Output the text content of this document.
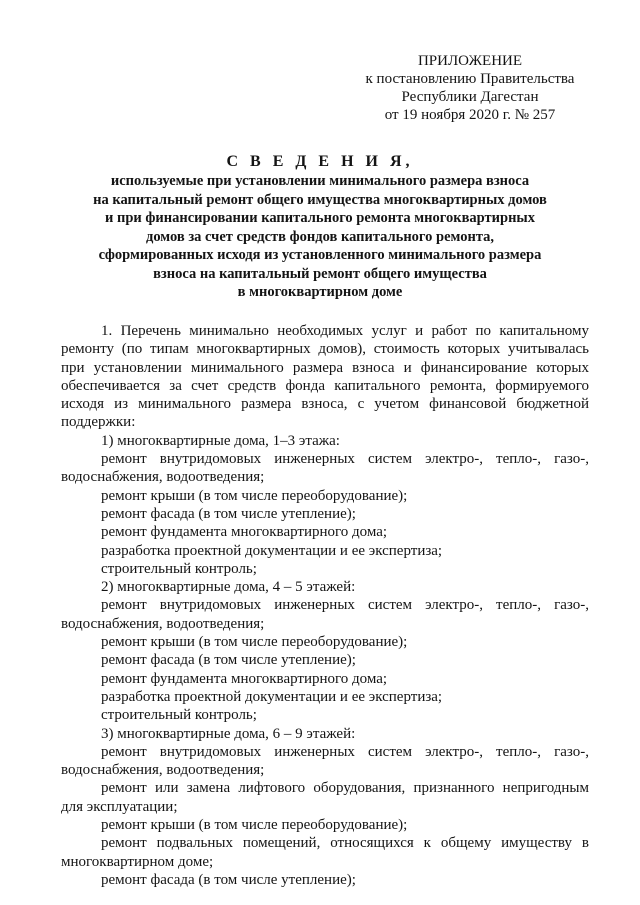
ПРИЛОЖЕНИЕ
к постановлению Правительства
Республики Дагестан
от 19 ноября 2020 г. № 257
С В Е Д Е Н И Я,
используемые при установлении минимального размера взноса
на капитальный ремонт общего имущества многоквартирных домов
и при финансировании капитального ремонта многоквартирных
домов за счет средств фондов капитального ремонта,
сформированных исходя из установленного минимального размера
взноса на капитальный ремонт общего имущества
в многоквартирном доме
1. Перечень минимально необходимых услуг и работ по капитальному
ремонту (по типам многоквартирных домов), стоимость которых учитывалась
при установлении минимального размера взноса и финансирование которых
обеспечивается за счет средств фонда капитального ремонта, формируемого
исходя из минимального размера взноса, с учетом финансовой бюджетной
поддержки:
1) многоквартирные дома, 1–3 этажа:
ремонт внутридомовых инженерных систем электро-, тепло-, газо-,
водоснабжения, водоотведения;
ремонт крыши (в том числе переоборудование);
ремонт фасада (в том числе утепление);
ремонт фундамента многоквартирного дома;
разработка проектной документации и ее экспертиза;
строительный контроль;
2) многоквартирные дома, 4 – 5 этажей:
ремонт внутридомовых инженерных систем электро-, тепло-, газо-,
водоснабжения, водоотведения;
ремонт крыши (в том числе переоборудование);
ремонт фасада (в том числе утепление);
ремонт фундамента многоквартирного дома;
разработка проектной документации и ее экспертиза;
строительный контроль;
3) многоквартирные дома, 6 – 9 этажей:
ремонт внутридомовых инженерных систем электро-, тепло-, газо-,
водоснабжения, водоотведения;
ремонт или замена лифтового оборудования, признанного непригодным
для эксплуатации;
ремонт крыши (в том числе переоборудование);
ремонт подвальных помещений, относящихся к общему имуществу в
многоквартирном доме;
ремонт фасада (в том числе утепление);
